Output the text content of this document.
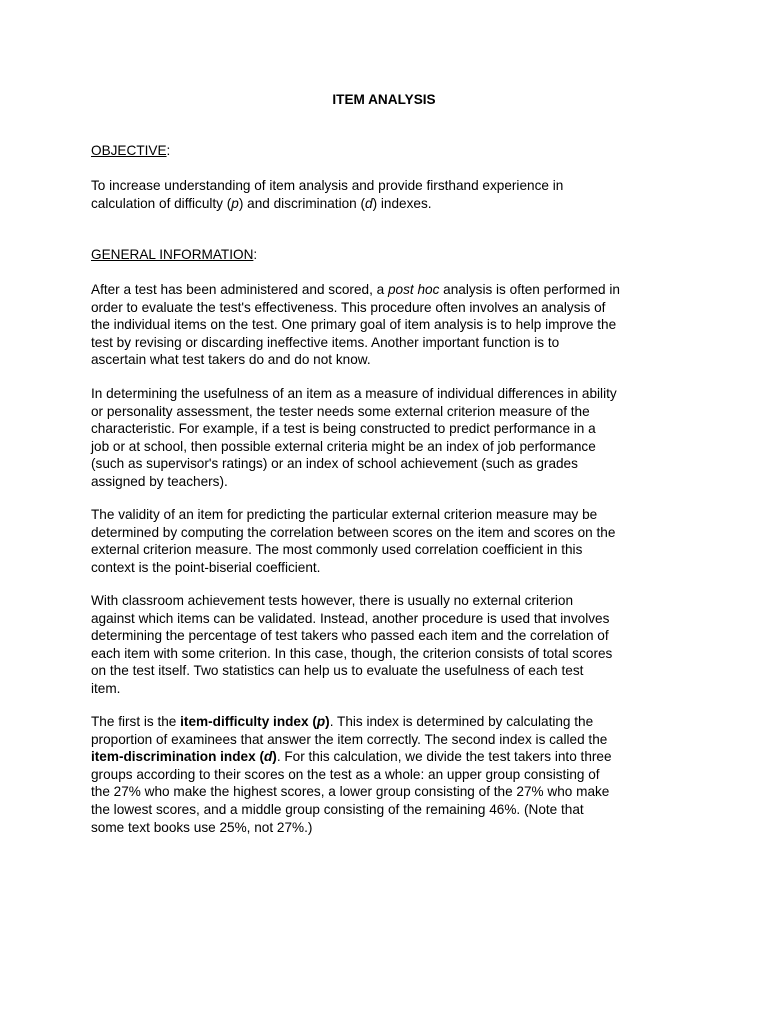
ITEM ANALYSIS

OBJECTIVE:

To increase understanding of item analysis and provide firsthand experience in
calculation of difficulty (p) and discrimination (d) indexes.

GENERAL INFORMATION:

After a test has been administered and scored, a post hoc analysis is often performed in
order to evaluate the test's effectiveness. This procedure often involves an analysis of
the individual items on the test. One primary goal of item analysis is to help improve the
test by revising or discarding ineffective items. Another important function is to
ascertain what test takers do and do not know.

In determining the usefulness of an item as a measure of individual differences in ability
or personality assessment, the tester needs some external criterion measure of the
characteristic. For example, if a test is being constructed to predict performance in a
job or at school, then possible external criteria might be an index of job performance
(such as supervisor's ratings) or an index of school achievement (such as grades
assigned by teachers).

The validity of an item for predicting the particular external criterion measure may be
determined by computing the correlation between scores on the item and scores on the
external criterion measure. The most commonly used correlation coefficient in this
context is the point-biserial coefficient.

With classroom achievement tests however, there is usually no external criterion
against which items can be validated. Instead, another procedure is used that involves
determining the percentage of test takers who passed each item and the correlation of
each item with some criterion. In this case, though, the criterion consists of total scores
on the test itself. Two statistics can help us to evaluate the usefulness of each test
item.

The first is the item-difficulty index (p). This index is determined by calculating the
proportion of examinees that answer the item correctly. The second index is called the
item-discrimination index (d). For this calculation, we divide the test takers into three
groups according to their scores on the test as a whole: an upper group consisting of
the 27% who make the highest scores, a lower group consisting of the 27% who make
the lowest scores, and a middle group consisting of the remaining 46%. (Note that
some text books use 25%, not 27%.)
